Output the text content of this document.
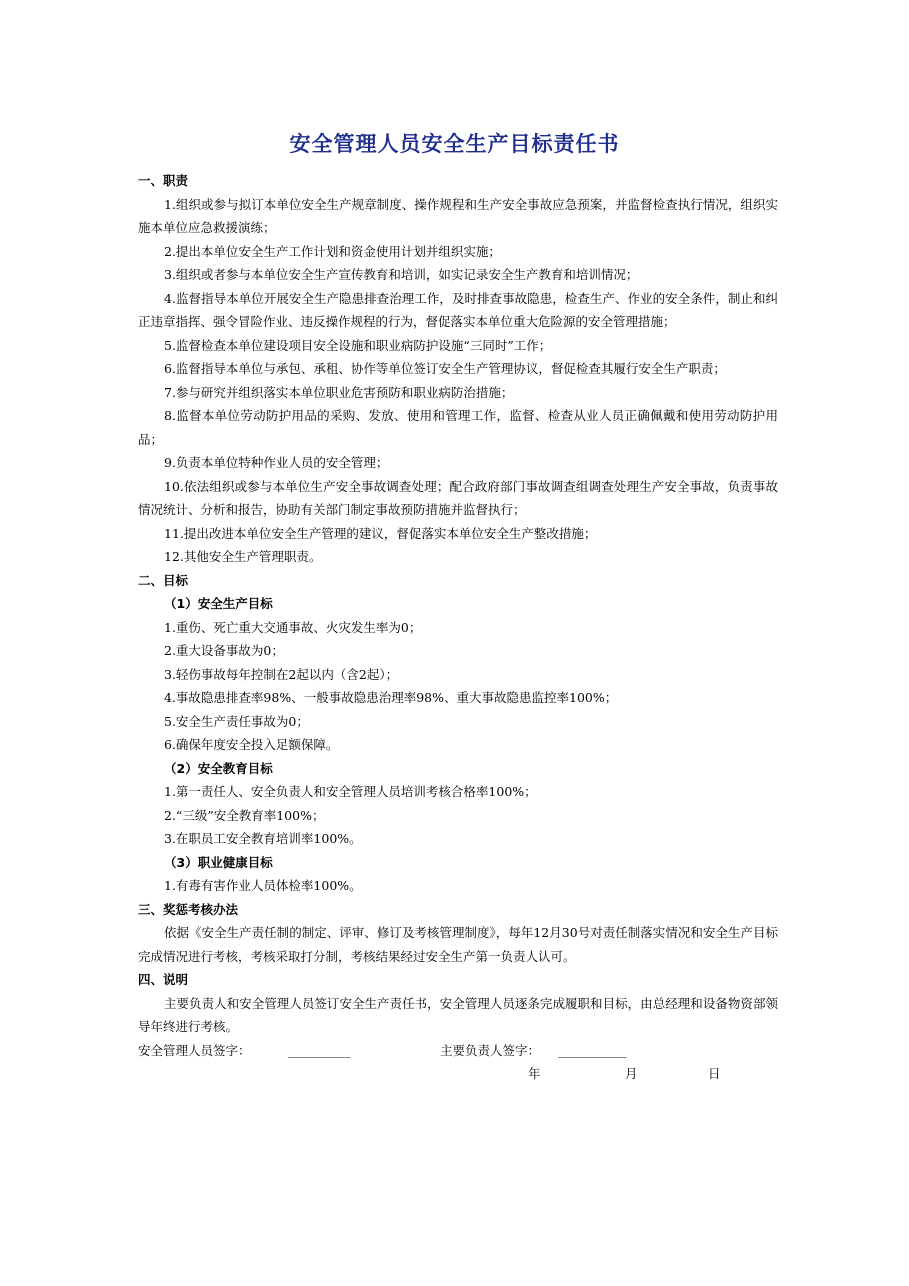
安全管理人员安全生产目标责任书

一、职责

1.组织或参与拟订本单位安全生产规章制度、操作规程和生产安全事故应急预案，并监督检查执行情况，组织实施本单位应急救援演练；

2.提出本单位安全生产工作计划和资金使用计划并组织实施；

3.组织或者参与本单位安全生产宣传教育和培训，如实记录安全生产教育和培训情况；

4.监督指导本单位开展安全生产隐患排查治理工作，及时排查事故隐患，检查生产、作业的安全条件，制止和纠正违章指挥、强令冒险作业、违反操作规程的行为，督促落实本单位重大危险源的安全管理措施；

5.监督检查本单位建设项目安全设施和职业病防护设施“三同时”工作；

6.监督指导本单位与承包、承租、协作等单位签订安全生产管理协议，督促检查其履行安全生产职责；

7.参与研究并组织落实本单位职业危害预防和职业病防治措施；

8.监督本单位劳动防护用品的采购、发放、使用和管理工作，监督、检查从业人员正确佩戴和使用劳动防护用品；

9.负责本单位特种作业人员的安全管理；

10.依法组织或参与本单位生产安全事故调查处理；配合政府部门事故调查组调查处理生产安全事故，负责事故情况统计、分析和报告，协助有关部门制定事故预防措施并监督执行；

11.提出改进本单位安全生产管理的建议，督促落实本单位安全生产整改措施；

12.其他安全生产管理职责。

二、目标

（1）安全生产目标

1.重伤、死亡重大交通事故、火灾发生率为0；

2.重大设备事故为0；

3.轻伤事故每年控制在2起以内（含2起）；

4.事故隐患排查率98%、一般事故隐患治理率98%、重大事故隐患监控率100%；

5.安全生产责任事故为0；

6.确保年度安全投入足额保障。

（2）安全教育目标

1.第一责任人、安全负责人和安全管理人员培训考核合格率100%；

2.“三级”安全教育率100%；

3.在职员工安全教育培训率100%。

（3）职业健康目标

1.有毒有害作业人员体检率100%。

三、奖惩考核办法

依据《安全生产责任制的制定、评审、修订及考核管理制度》，每年12月30号对责任制落实情况和安全生产目标完成情况进行考核，考核采取打分制，考核结果经过安全生产第一负责人认可。

四、说明

主要负责人和安全管理人员签订安全生产责任书，安全管理人员逐条完成履职和目标，由总经理和设备物资部领导年终进行考核。

安全管理人员签字：	__________	主要负责人签字： ___________
年	月	日
